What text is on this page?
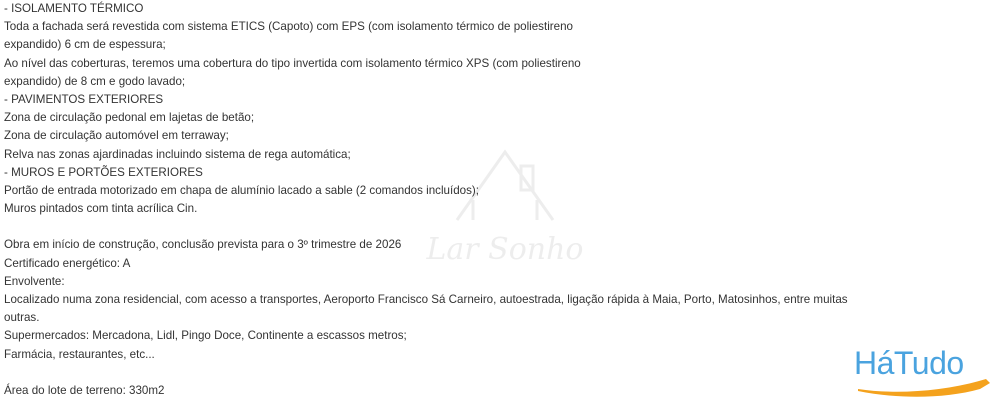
- ISOLAMENTO TÉRMICO
Toda a fachada será revestida com sistema ETICS (Capoto) com EPS (com isolamento térmico de poliestireno
expandido) 6 cm de espessura;
Ao nível das coberturas, teremos uma cobertura do tipo invertida com isolamento térmico XPS (com poliestireno
expandido) de 8 cm e godo lavado;
- PAVIMENTOS EXTERIORES
Zona de circulação pedonal em lajetas de betão;
Zona de circulação automóvel em terraway;
Relva nas zonas ajardinadas incluindo sistema de rega automática;
- MUROS E PORTÕES EXTERIORES
Portão de entrada motorizado em chapa de alumínio lacado a sable (2 comandos incluídos);
Muros pintados com tinta acrílica Cin.
Obra em início de construção, conclusão prevista para o 3º trimestre de 2026
Certificado energético: A
Envolvente:
Localizado numa zona residencial, com acesso a transportes, Aeroporto Francisco Sá Carneiro, autoestrada, ligação rápida à Maia, Porto, Matosinhos, entre muitas
outras.
Supermercados: Mercadona, Lidl, Pingo Doce, Continente a escassos metros;
Farmácia, restaurantes, etc...
Área do lote de terreno: 330m2
Lar Sonho
HáTudo
